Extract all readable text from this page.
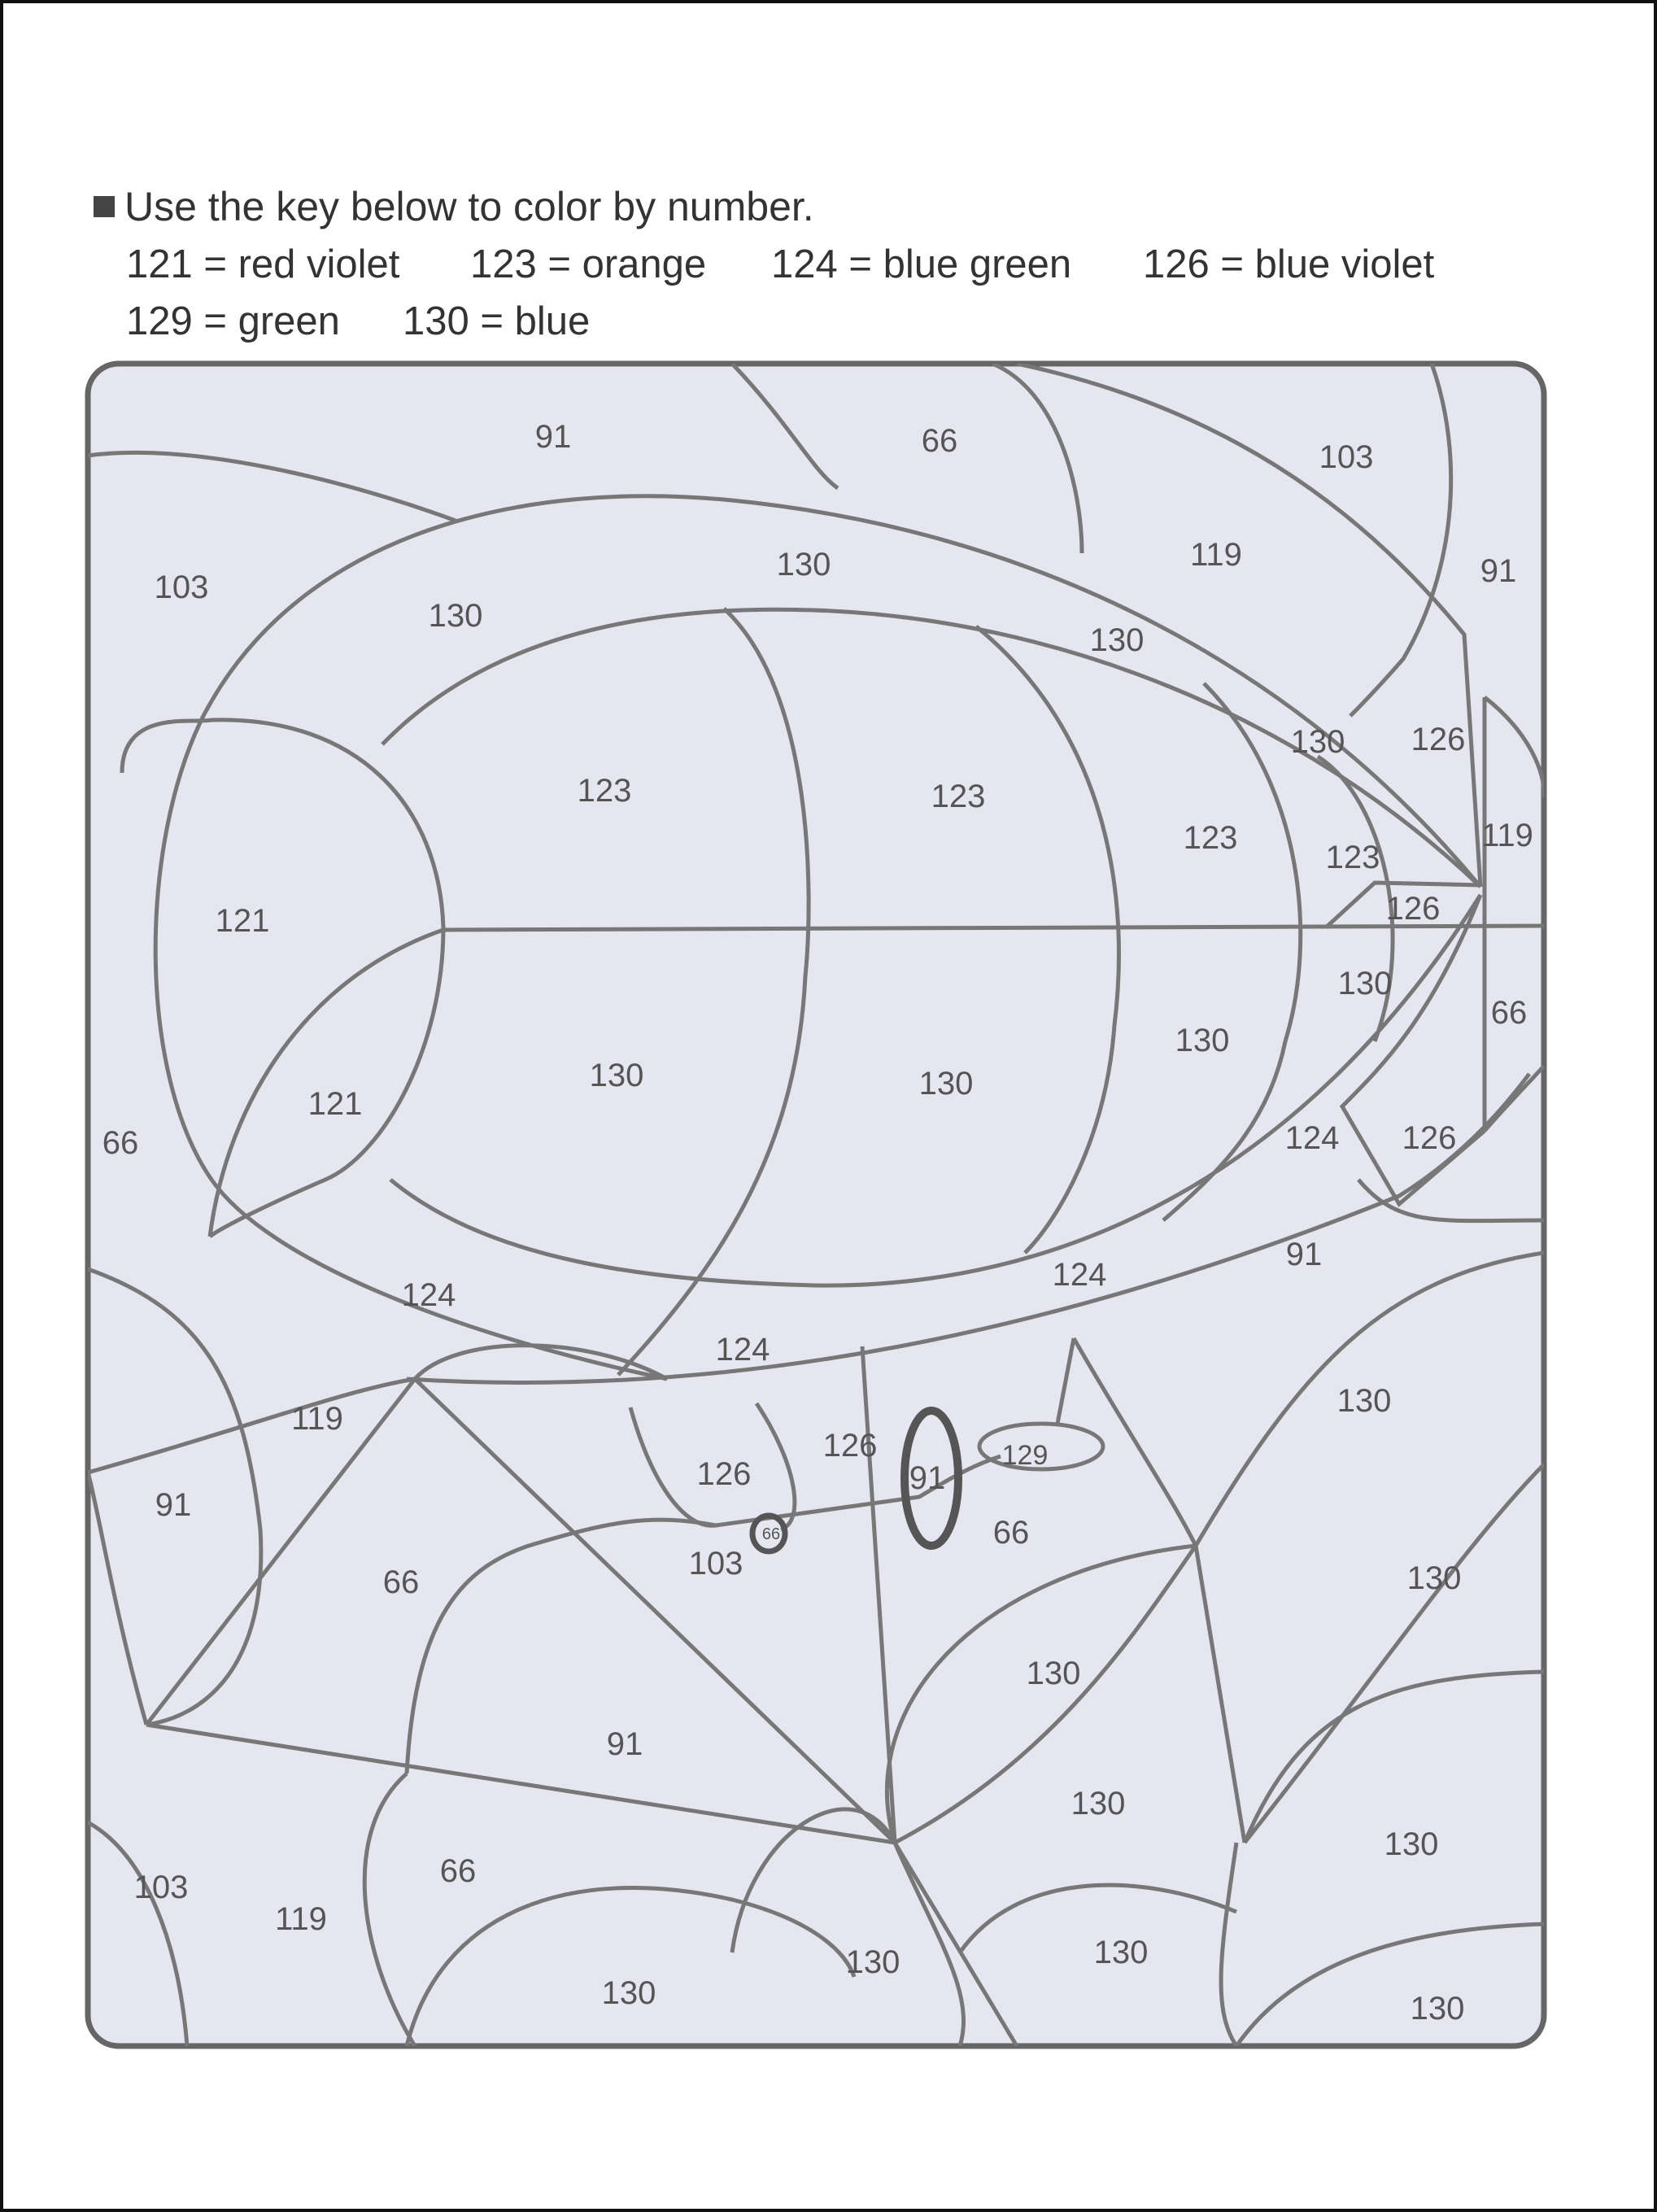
Use the key below to color by number.
121 = red violet 123 = orange 124 = blue green 126 = blue violet
129 = green 130 = blue
91	66	103
103
130
130	119	91
130
130 126
123	123
123
123
119
121	126
130
66
130
130	130
121
66	124 126
91
124
124
124
130
119
126
126	91
129
91
66
66
103
66	130
130
91
130
130
103
119
66
130	130
130	130
